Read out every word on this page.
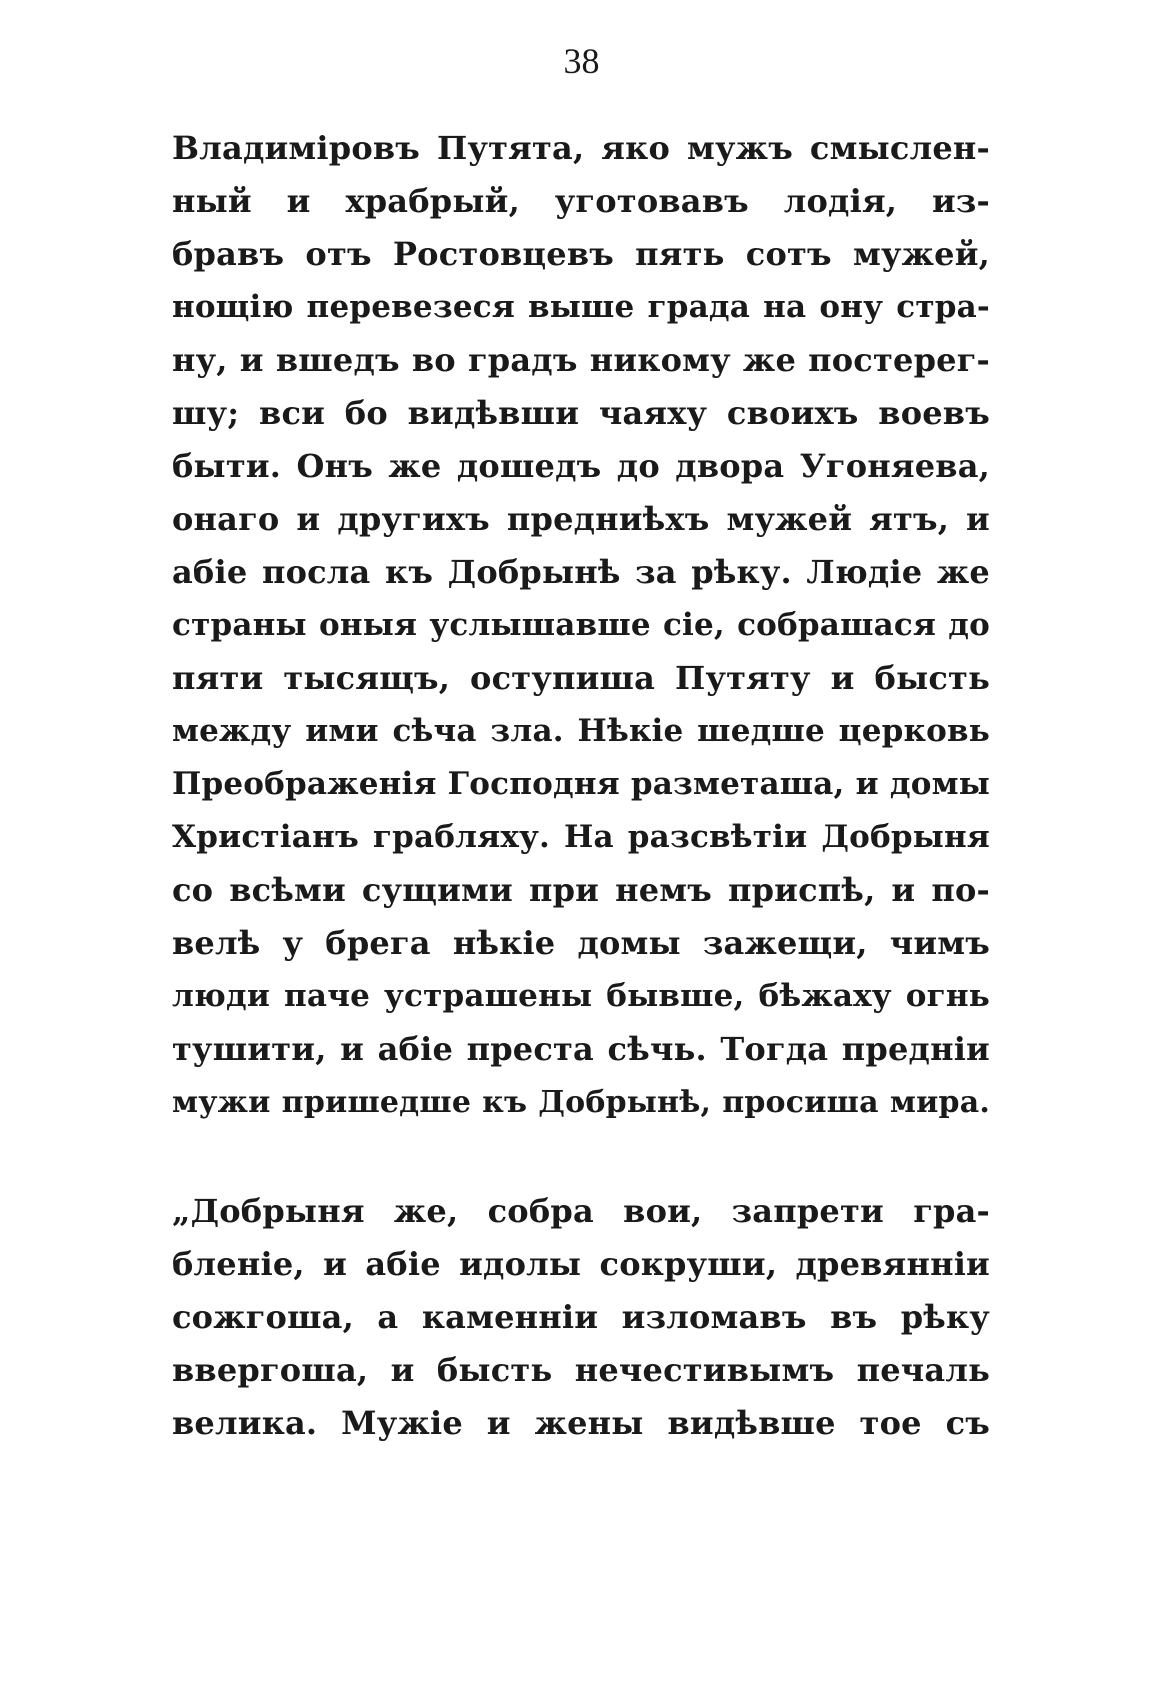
38
Владиміровъ Путята, яко мужъ смыслен-
ный и храбрый, уготовавъ лодія, из-
бравъ отъ Ростовцевъ пять сотъ мужей,
нощію перевезеся выше града на ону стра-
ну, и вшедъ во градъ никому же постерег-
шу; вси бо видѣвши чаяху своихъ воевъ
быти. Онъ же дошедъ до двора Угоняева,
онаго и другихъ предниѣхъ мужей ятъ, и
абіе посла къ Добрынѣ за рѣку. Людіе же
страны оныя услышавше сіе, собрашася до
пяти тысящъ, оступиша Путяту и бысть
между ими сѣча зла. Нѣкіе шедше церковь
Преображенія Господня разметаша, и домы
Христіанъ грабляху. На разсвѣтіи Добрыня
со всѣми сущими при немъ приспѣ, и по-
велѣ у брега нѣкіе домы зажещи, чимъ
люди паче устрашены бывше, бѣжаху огнь
тушити, и абіе преста сѣчь. Тогда предніи
мужи пришедше къ Добрынѣ, просиша мира.
„Добрыня же, собра вои, запрети гра-
бленіе, и абіе идолы сокруши, древянніи
сожгоша, а каменніи изломавъ въ рѣку
ввергоша, и бысть нечестивымъ печаль
велика. Мужіе и жены видѣвше тое съ
